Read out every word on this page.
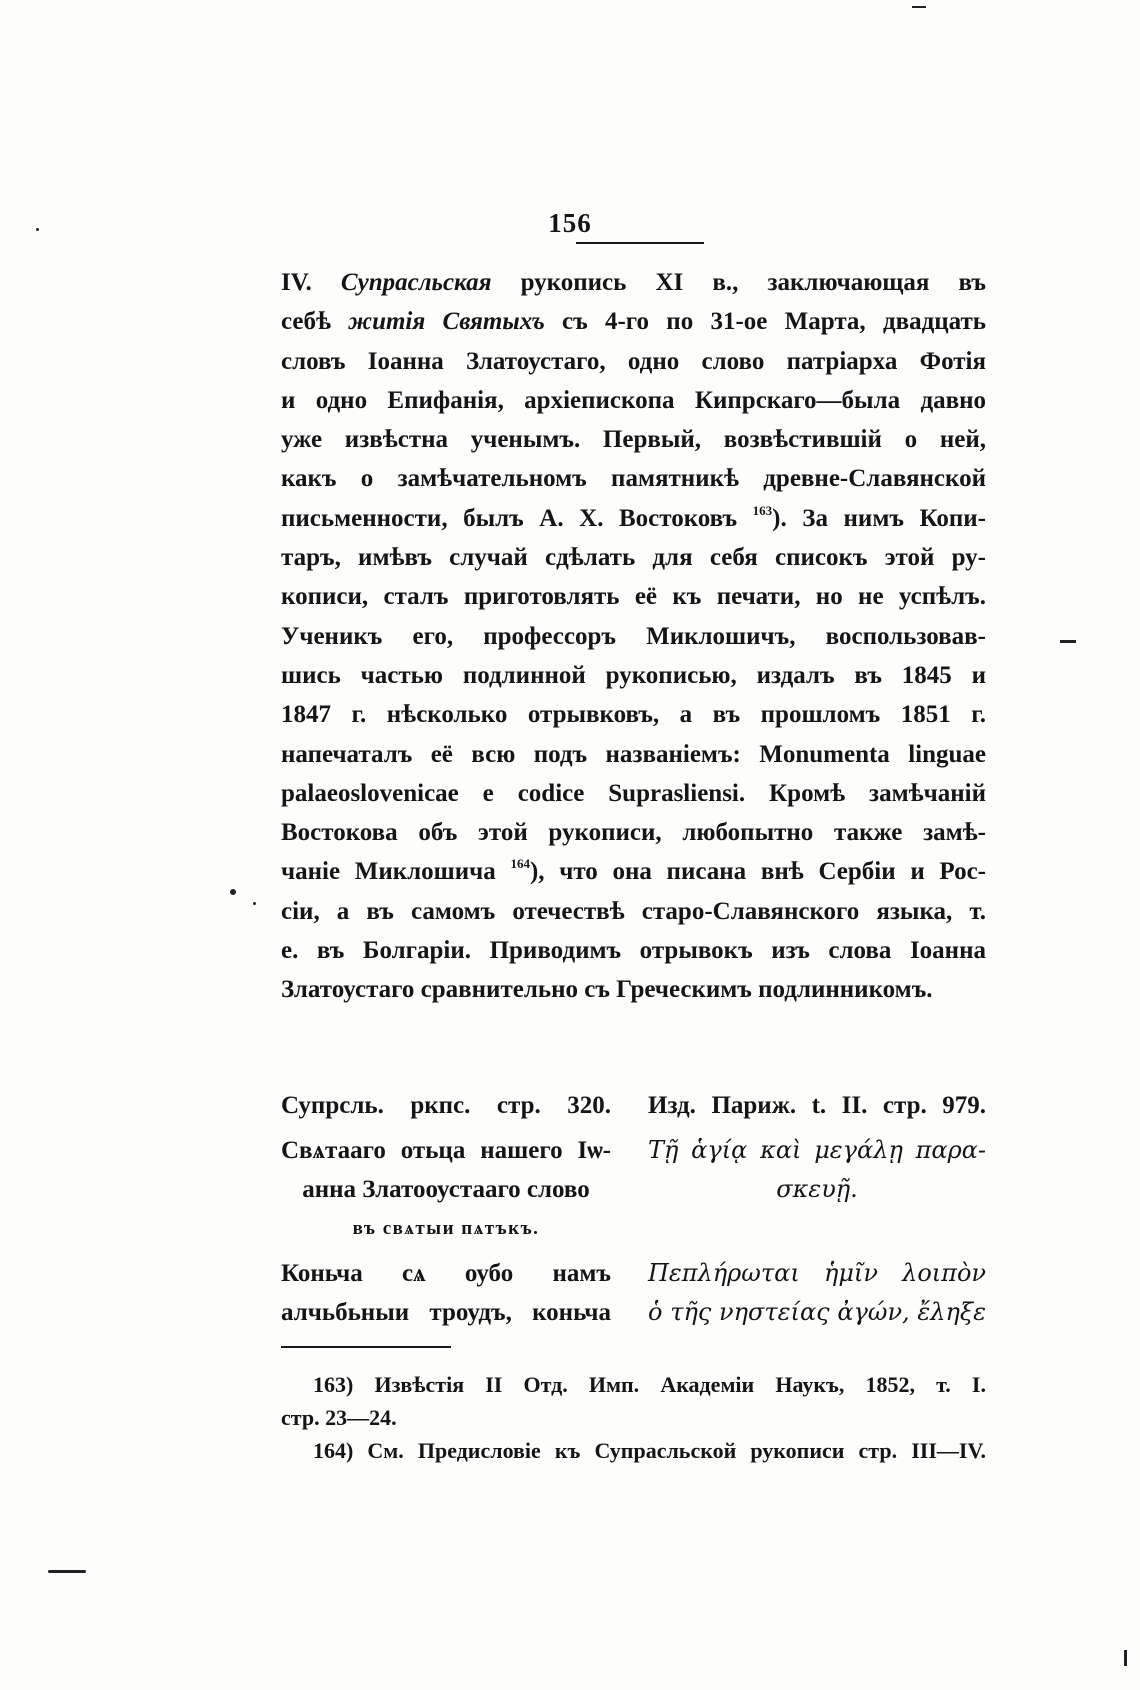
156
IV. Супрасльская рукопись XI в., заключающая въ
себѣ житія Святыхъ съ 4-го по 31-ое Марта, двадцать
словъ Іоанна Златоустаго, одно слово патріарха Фотія
и одно Епифанія, архіепископа Кипрскаго—была давно
уже извѣстна ученымъ. Первый, возвѣстившій о ней,
какъ о замѣчательномъ памятникѣ древне-Славянской
письменности, былъ А. Х. Востоковъ $^{163}$). За нимъ Копи-
таръ, имѣвъ случай сдѣлать для себя списокъ этой ру-
кописи, сталъ приготовлять её къ печати, но не успѣлъ.
Ученикъ его, профессоръ Миклошичъ, воспользовав-
шись частью подлинной рукописью, издалъ въ 1845 и
1847 г. нѣсколько отрывковъ, а въ прошломъ 1851 г.
напечаталъ её всю подъ названіемъ: Monumenta linguae
palaeoslovenicae e codice Suprasliensi. Кромѣ замѣчаній
Востокова объ этой рукописи, любопытно также замѣ-
чаніе Миклошича $^{164}$), что она писана внѣ Сербіи и Рос-
сіи, а въ самомъ отечествѣ старо-Славянского языка, т.
е. въ Болгаріи. Приводимъ отрывокъ изъ слова Іоанна
Златоустаго сравнительно съ Греческимъ подлинникомъ.
Супрсль. ркпс. стр. 320.
Свѧтааго отьца нашего Іѡ-
анна Златооустаaго слово
въ свѧтыи пѧтъкъ.
Коньча сѧ оубо намъ
алчьбьныи троудъ, коньча
Изд. Париж. t. II. стр. 979.
Τῇ ἁγίᾳ καὶ μεγάλῃ παρα-
σκευῇ.
Πεπλήρωται ἡμῖν λοιπὸν
ὁ τῆς νηστείας ἀγών, ἔληξε
163) Извѣстія II Отд. Имп. Академіи Наукъ, 1852, т. I.
стр. 23—24.
164) См. Предисловіе къ Супрасльской рукописи стр. III—IV.
